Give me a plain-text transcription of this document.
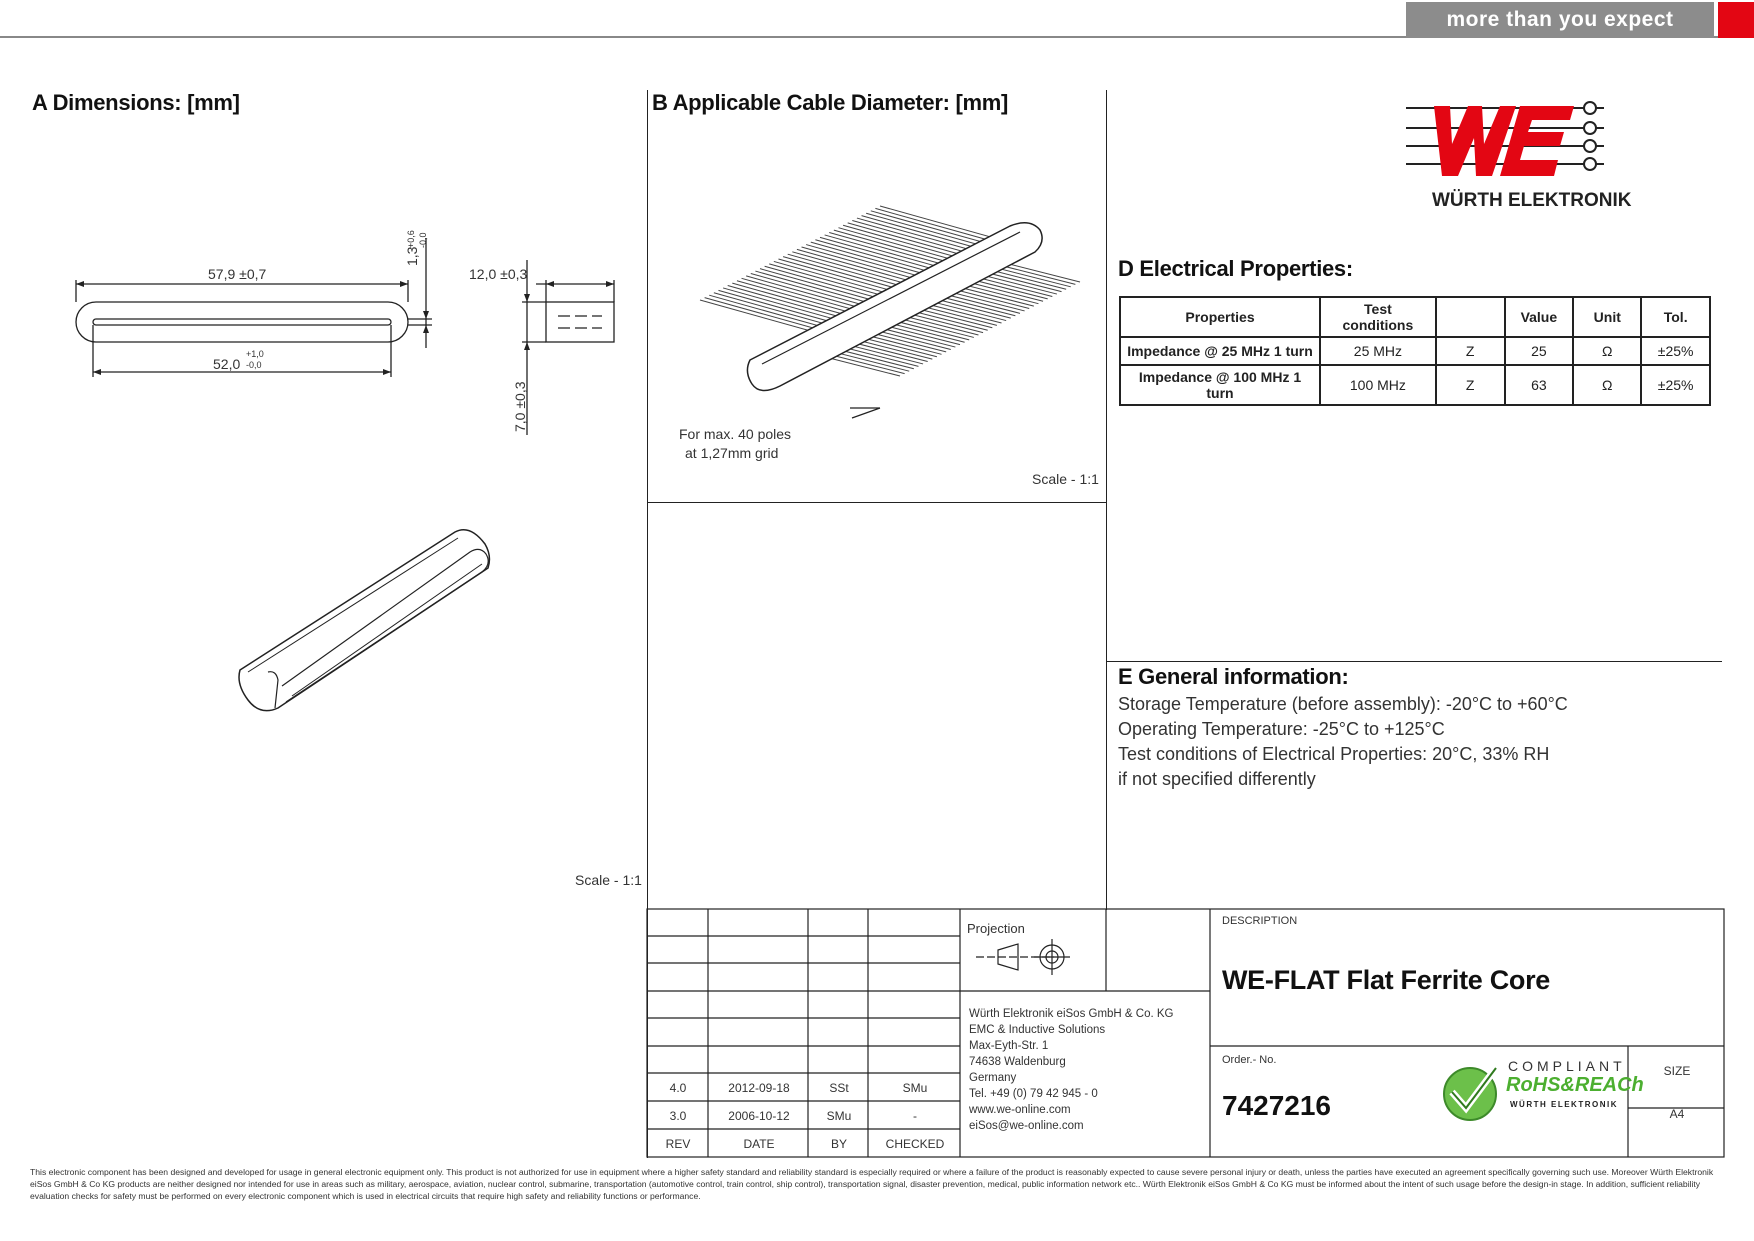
more than you expect
A Dimensions: [mm]
57,9 ±0,7
52,0
+1,0
-0,0
1,3
+0,6 -0,0
12,0 ±0,3
7,0 ±0,3
Scale - 1:1
B Applicable Cable Diameter: [mm]
For max. 40 poles
at 1,27mm grid
Scale - 1:1
WÜRTH ELEKTRONIK
D Electrical Properties:
Properties	Test conditions		Value	Unit	Tol.
Impedance @ 25 MHz 1 turn	25 MHz	Z	25	Ω	±25%
Impedance @ 100 MHz 1 turn	100 MHz	Z	63	Ω	±25%
E General information:
Storage Temperature (before assembly): -20°C to +60°C
Operating Temperature: -25°C to +125°C
Test conditions of Electrical Properties: 20°C, 33% RH
if not specified differently
4.0	2012-09-18	SSt	SMu
3.0	2006-10-12	SMu	-
REV	DATE	BY	CHECKED
Projection
Würth Elektronik eiSos GmbH & Co. KG
EMC & Inductive Solutions
Max-Eyth-Str. 1
74638 Waldenburg
Germany
Tel. +49 (0) 79 42 945 - 0
www.we-online.com
eiSos@we-online.com
DESCRIPTION
WE-FLAT Flat Ferrite Core
Order.- No.
7427216
COMPLIANT
RoHS&REACh
WÜRTH ELEKTRONIK
SIZE
A4
This electronic component has been designed and developed for usage in general electronic equipment only. This product is not authorized for use in equipment where a higher safety standard and reliability standard is especially required or where a failure of the product is reasonably expected to cause severe personal injury or death, unless the parties have executed an agreement specifically governing such use. Moreover Würth Elektronik eiSos GmbH & Co KG products are neither designed nor intended for use in areas such as military, aerospace, aviation, nuclear control, submarine, transportation (automotive control, train control, ship control), transportation signal, disaster prevention, medical, public information network etc.. Würth Elektronik eiSos GmbH & Co KG must be informed about the intent of such usage before the design-in stage. In addition, sufficient reliability evaluation checks for safety must be performed on every electronic component which is used in electrical circuits that require high safety and reliability functions or performance.
